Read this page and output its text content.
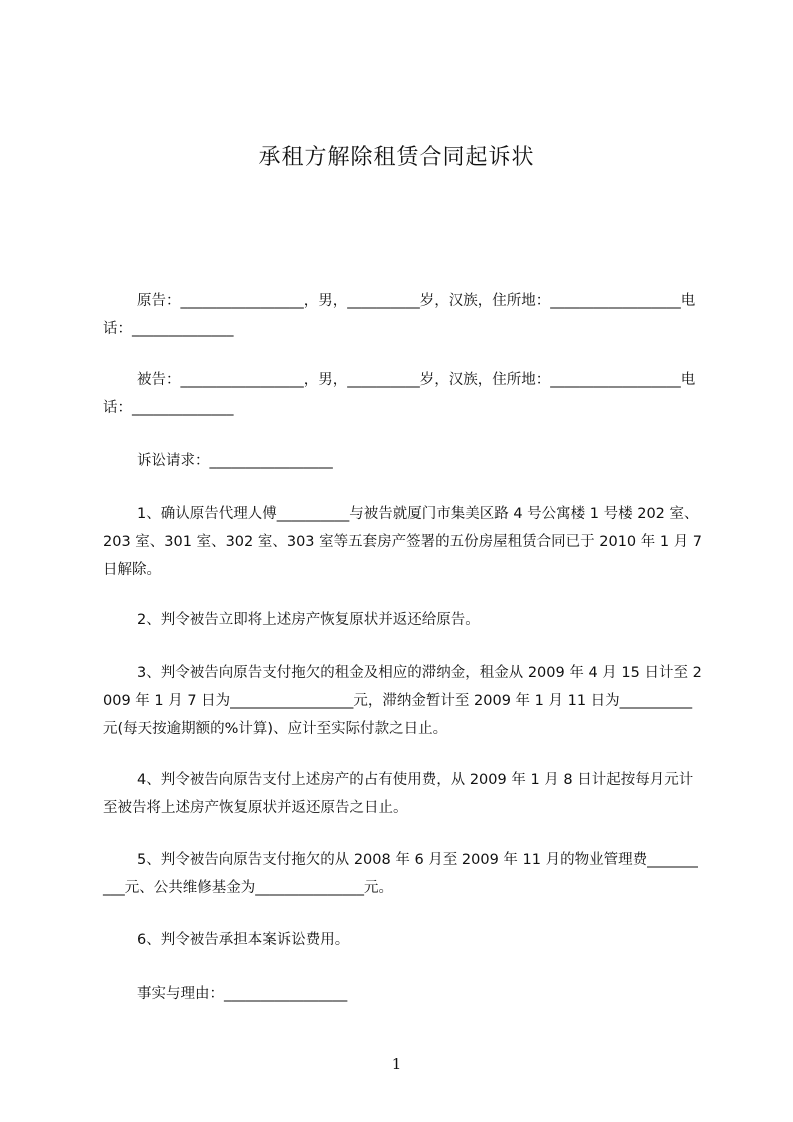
承租方解除租赁合同起诉状
原告：_________________，男，__________岁，汉族，住所地：__________________电话：______________
被告：_________________，男，__________岁，汉族，住所地：__________________电话：______________
诉讼请求：_________________
1、确认原告代理人傅__________与被告就厦门市集美区路 4 号公寓楼 1 号楼 202 室、203 室、301 室、302 室、303 室等五套房产签署的五份房屋租赁合同已于 2010 年 1 月 7 日解除。
2、判令被告立即将上述房产恢复原状并返还给原告。
3、判令被告向原告支付拖欠的租金及相应的滞纳金，租金从 2009 年 4 月 15 日计至 2009 年 1 月 7 日为_________________元，滞纳金暂计至 2009 年 1 月 11 日为__________元(每天按逾期额的%计算)、应计至实际付款之日止。
4、判令被告向原告支付上述房产的占有使用费，从 2009 年 1 月 8 日计起按每月元计至被告将上述房产恢复原状并返还原告之日止。
5、判令被告向原告支付拖欠的从 2008 年 6 月至 2009 年 11 月的物业管理费__________元、公共维修基金为_______________元。
6、判令被告承担本案诉讼费用。
事实与理由：_________________
1
